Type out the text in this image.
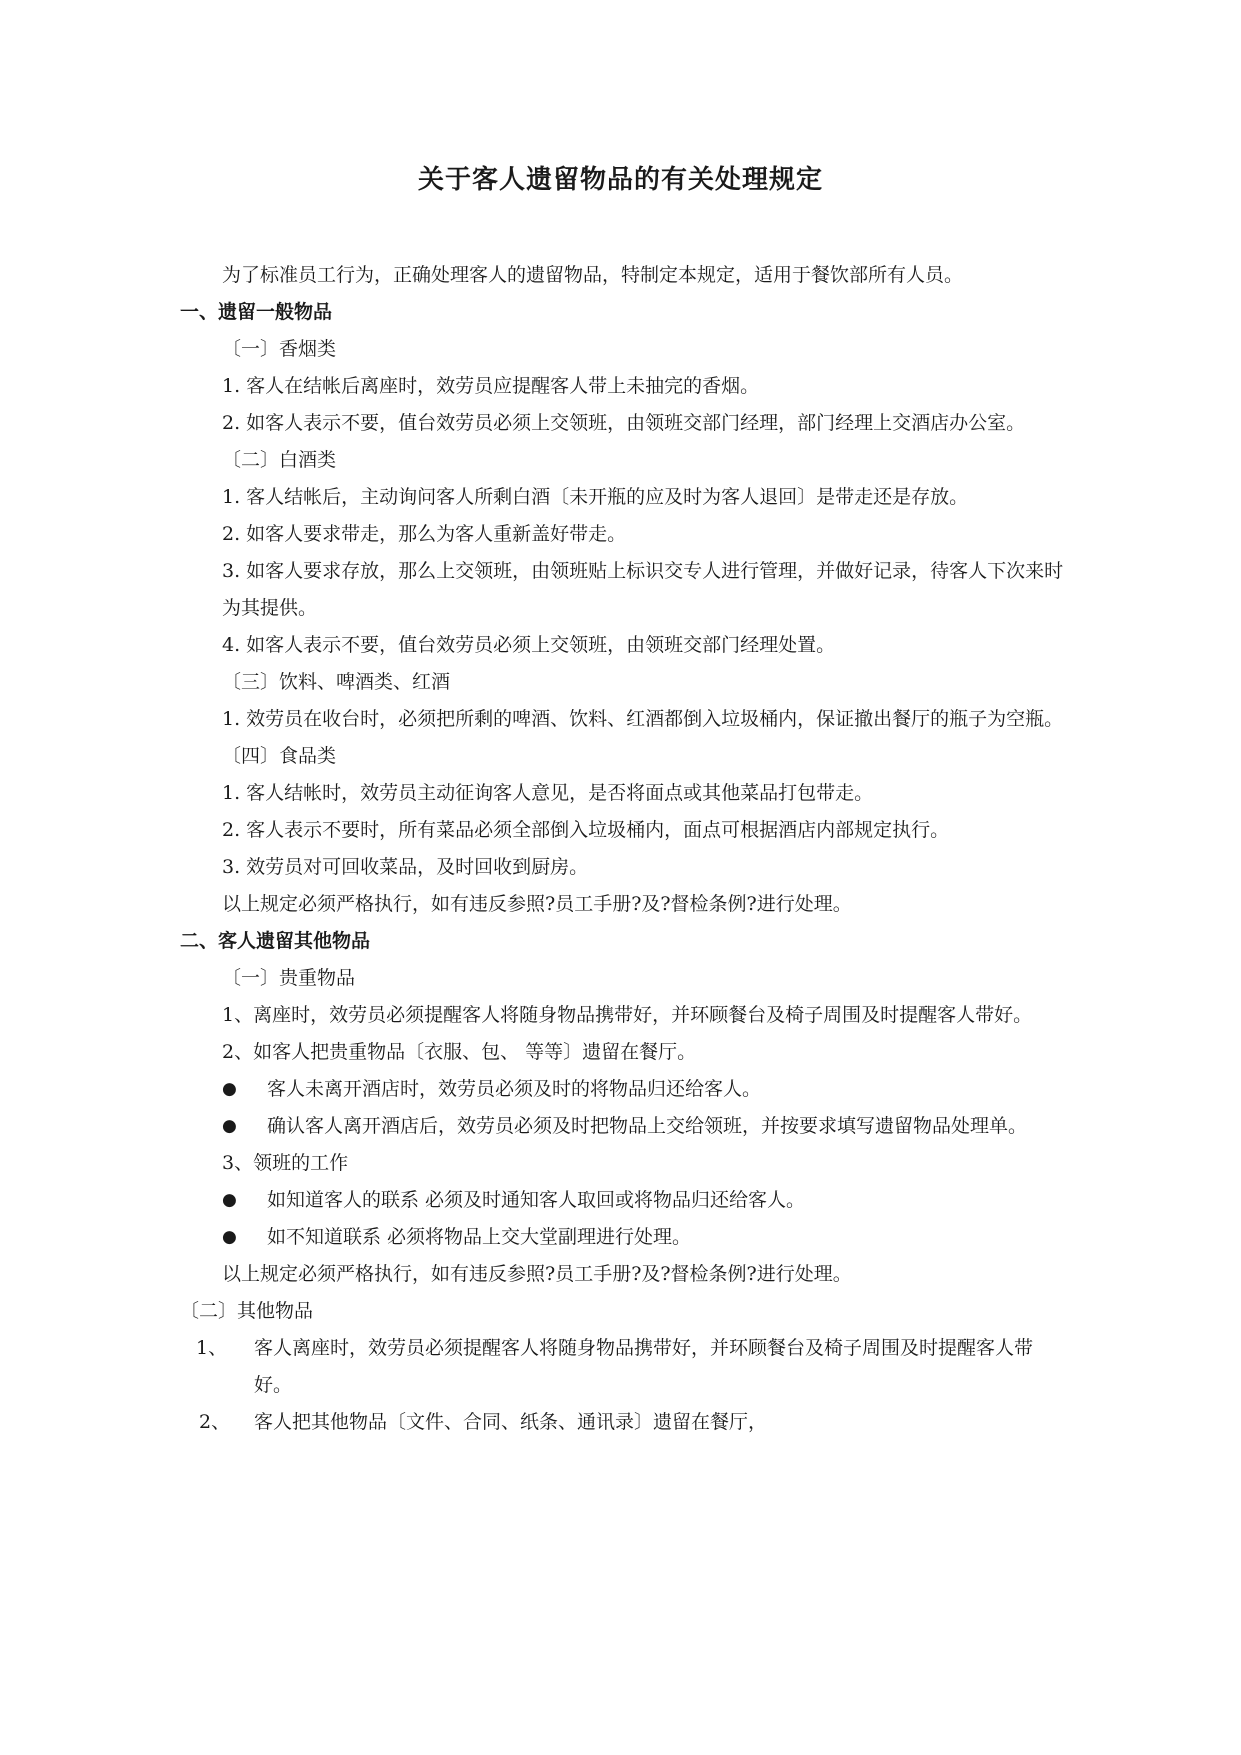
关于客人遗留物品的有关处理规定
为了标准员工行为，正确处理客人的遗留物品，特制定本规定，适用于餐饮部所有人员。
一、遗留一般物品
〔一〕香烟类
1. 客人在结帐后离座时，效劳员应提醒客人带上未抽完的香烟。
2. 如客人表示不要，值台效劳员必须上交领班，由领班交部门经理，部门经理上交酒店办公室。
〔二〕白酒类
1. 客人结帐后，主动询问客人所剩白酒〔未开瓶的应及时为客人退回〕是带走还是存放。
2. 如客人要求带走，那么为客人重新盖好带走。
3. 如客人要求存放，那么上交领班，由领班贴上标识交专人进行管理，并做好记录，待客人下次来时为其提供。
4. 如客人表示不要，值台效劳员必须上交领班，由领班交部门经理处置。
〔三〕饮料、啤酒类、红酒
1. 效劳员在收台时，必须把所剩的啤酒、饮料、红酒都倒入垃圾桶内，保证撤出餐厅的瓶子为空瓶。
〔四〕食品类
1. 客人结帐时，效劳员主动征询客人意见，是否将面点或其他菜品打包带走。
2. 客人表示不要时，所有菜品必须全部倒入垃圾桶内，面点可根据酒店内部规定执行。
3. 效劳员对可回收菜品，及时回收到厨房。
以上规定必须严格执行，如有违反参照?员工手册?及?督检条例?进行处理。
二、客人遗留其他物品
〔一〕贵重物品
1、离座时，效劳员必须提醒客人将随身物品携带好，并环顾餐台及椅子周围及时提醒客人带好。
2、如客人把贵重物品〔衣服、包、 等等〕遗留在餐厅。
● 客人未离开酒店时，效劳员必须及时的将物品归还给客人。
● 确认客人离开酒店后，效劳员必须及时把物品上交给领班，并按要求填写遗留物品处理单。
3、领班的工作
● 如知道客人的联系 必须及时通知客人取回或将物品归还给客人。
● 如不知道联系 必须将物品上交大堂副理进行处理。
以上规定必须严格执行，如有违反参照?员工手册?及?督检条例?进行处理。
〔二〕其他物品
1、 客人离座时，效劳员必须提醒客人将随身物品携带好，并环顾餐台及椅子周围及时提醒客人带好。
2、 客人把其他物品〔文件、合同、纸条、通讯录〕遗留在餐厅，
